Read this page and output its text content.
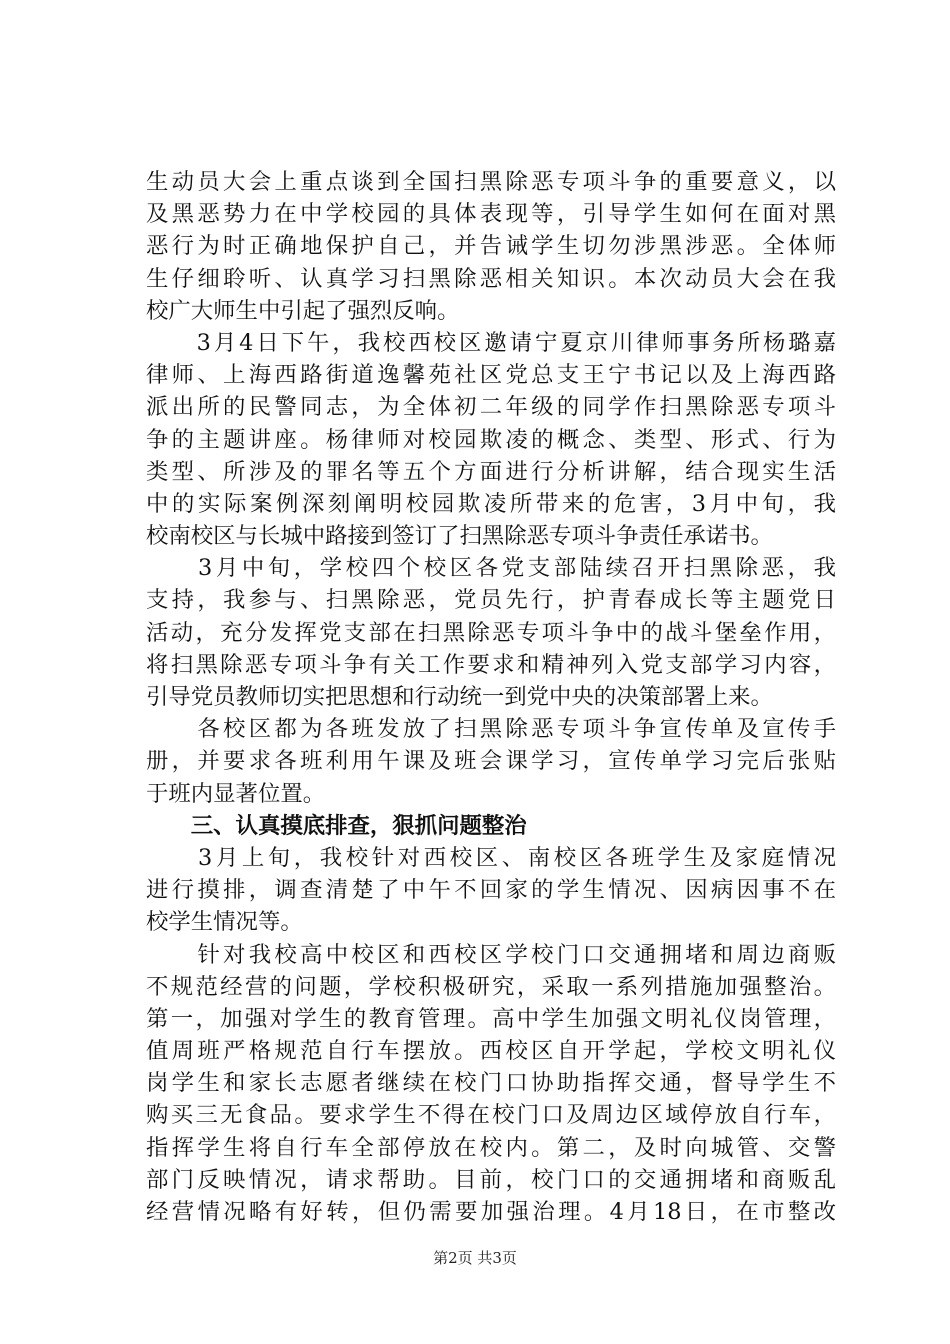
生动员大会上重点谈到全国扫黑除恶专项斗争的重要意义，以
及黑恶势力在中学校园的具体表现等，引导学生如何在面对黑
恶行为时正确地保护自己，并告诫学生切勿涉黑涉恶。全体师
生仔细聆听、认真学习扫黑除恶相关知识。本次动员大会在我
校广大师生中引起了强烈反响。
　　3月4日下午，我校西校区邀请宁夏京川律师事务所杨璐嘉
律师、上海西路街道逸馨苑社区党总支王宁书记以及上海西路
派出所的民警同志，为全体初二年级的同学作扫黑除恶专项斗
争的主题讲座。杨律师对校园欺凌的概念、类型、形式、行为
类型、所涉及的罪名等五个方面进行分析讲解，结合现实生活
中的实际案例深刻阐明校园欺凌所带来的危害，3月中旬，我
校南校区与长城中路接到签订了扫黑除恶专项斗争责任承诺书。
　　3月中旬，学校四个校区各党支部陆续召开扫黑除恶，我
支持，我参与、扫黑除恶，党员先行，护青春成长等主题党日
活动，充分发挥党支部在扫黑除恶专项斗争中的战斗堡垒作用，
将扫黑除恶专项斗争有关工作要求和精神列入党支部学习内容，
引导党员教师切实把思想和行动统一到党中央的决策部署上来。
　　各校区都为各班发放了扫黑除恶专项斗争宣传单及宣传手
册，并要求各班利用午课及班会课学习，宣传单学习完后张贴
于班内显著位置。
　　三、认真摸底排查，狠抓问题整治
　　3月上旬，我校针对西校区、南校区各班学生及家庭情况
进行摸排，调查清楚了中午不回家的学生情况、因病因事不在
校学生情况等。
　　针对我校高中校区和西校区学校门口交通拥堵和周边商贩
不规范经营的问题，学校积极研究，采取一系列措施加强整治。
第一，加强对学生的教育管理。高中学生加强文明礼仪岗管理，
值周班严格规范自行车摆放。西校区自开学起，学校文明礼仪
岗学生和家长志愿者继续在校门口协助指挥交通，督导学生不
购买三无食品。要求学生不得在校门口及周边区域停放自行车，
指挥学生将自行车全部停放在校内。第二，及时向城管、交警
部门反映情况，请求帮助。目前，校门口的交通拥堵和商贩乱
经营情况略有好转，但仍需要加强治理。4月18日，在市整改
第2页 共3页
